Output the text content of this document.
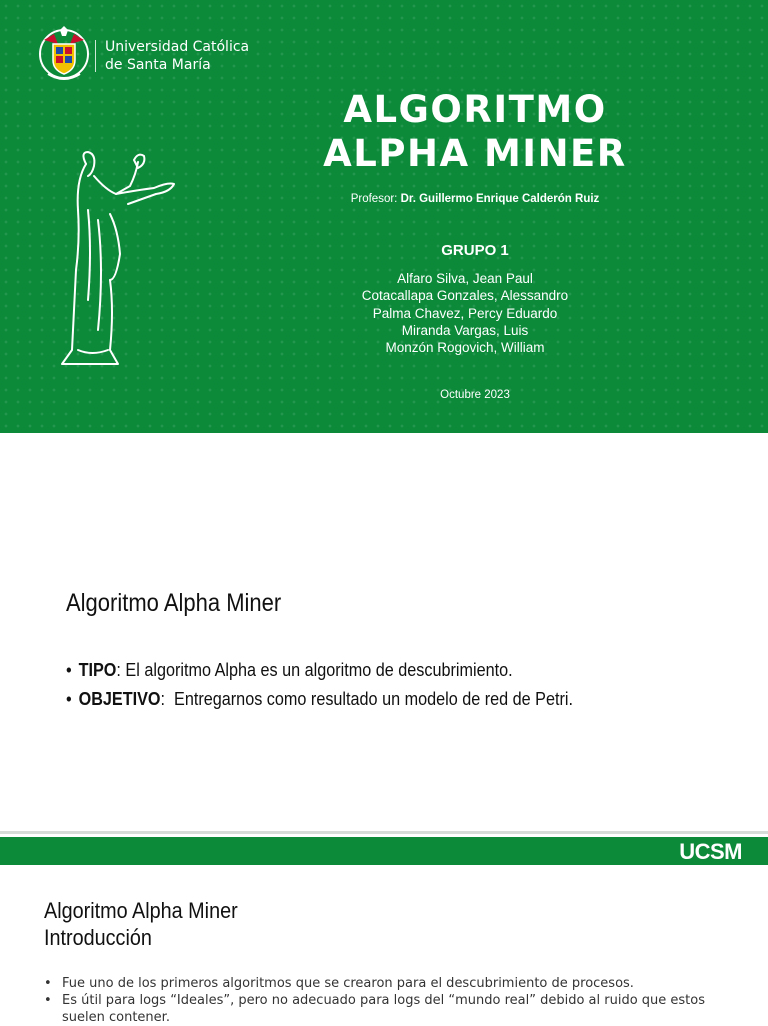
Universidad Católica
de Santa María
ALGORITMO
ALPHA MINER
Profesor: Dr. Guillermo Enrique Calderón Ruiz
GRUPO 1
Alfaro Silva, Jean Paul
Cotacallapa Gonzales, Alessandro
Palma Chavez, Percy Eduardo
Miranda Vargas, Luis
Monzón Rogovich, William
Octubre 2023
Algoritmo Alpha Miner
• TIPO: El algoritmo Alpha es un algoritmo de descubrimiento.
• OBJETIVO:  Entregarnos como resultado un modelo de red de Petri.
UCSM
Algoritmo Alpha Miner
Introducción
• Fue uno de los primeros algoritmos que se crearon para el descubrimiento de procesos.
• Es útil para logs “Ideales”, pero no adecuado para logs del “mundo real” debido al ruido que estos suelen contener.
